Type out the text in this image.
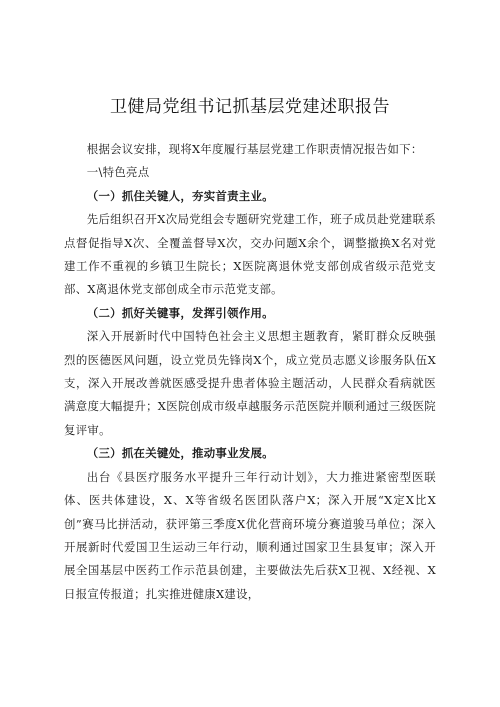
卫健局党组书记抓基层党建述职报告

根据会议安排，现将X年度履行基层党建工作职责情况报告如下：

一\特色亮点

（一）抓住关键人，夯实首责主业。

先后组织召开X次局党组会专题研究党建工作，班子成员赴党建联系点督促指导X次、全覆盖督导X次，交办问题X余个，调整撤换X名对党建工作不重视的乡镇卫生院长；X医院离退休党支部创成省级示范党支部、X离退休党支部创成全市示范党支部。

（二）抓好关键事，发挥引领作用。

深入开展新时代中国特色社会主义思想主题教育，紧盯群众反映强烈的医德医风问题，设立党员先锋岗X个，成立党员志愿义诊服务队伍X支，深入开展改善就医感受提升患者体验主题活动，人民群众看病就医满意度大幅提升；X医院创成市级卓越服务示范医院并顺利通过三级医院复评审。

（三）抓在关键处，推动事业发展。

出台《县医疗服务水平提升三年行动计划》，大力推进紧密型医联体、医共体建设，X、X等省级名医团队落户X；深入开展“X定X比X创”赛马比拼活动，获评第三季度X优化营商环境分赛道骏马单位；深入开展新时代爱国卫生运动三年行动，顺利通过国家卫生县复审；深入开展全国基层中医药工作示范县创建，主要做法先后获X卫视、X经视、X日报宣传报道；扎实推进健康X建设，
